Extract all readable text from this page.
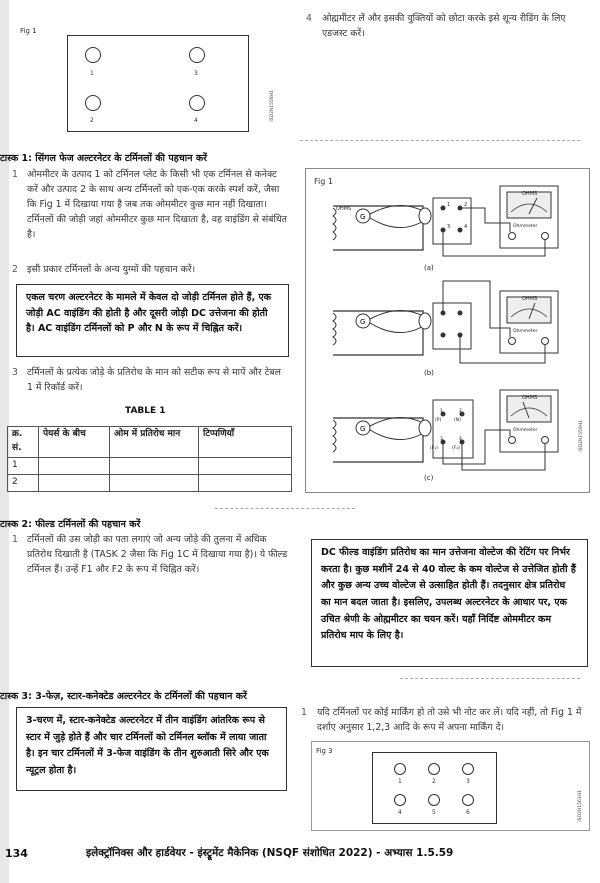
Fig 1
1	3
2	4	ISD2N1558H1
4 ओह्ममीटर लें और इसकी युक्तियों को छोटा करके इसे शून्य रीडिंग के लिए एडजस्ट करें।
टास्क 1: सिंगल फेज अल्टरनेटर के टर्मिनलों की पहचान करें
1 ओममीटर के उत्पाद 1 को टर्मिनल प्लेट के किसी भी एक टर्मिनल से कनेक्ट करें और उत्पाद 2 के साथ अन्य टर्मिनलों को एक-एक करके स्पर्श करें, जैसा कि Fig 1 में दिखाया गया है जब तक ओममीटर कुछ मान नहीं दिखाता। टर्मिनलों की जोड़ी जहां ओममीटर कुछ मान दिखाता है, वह वाइंडिंग से संबंधित है।
2 इसी प्रकार टर्मिनलों के अन्य युग्मों की पहचान करें।
एकल चरण अल्टरनेटर के मामले में केवल दो जोड़ी टर्मिनल होते हैं, एक जोड़ी AC वाइंडिंग की होती है और दूसरी जोड़ी DC उत्तेजना की होती है। AC वाइंडिंग टर्मिनलों को P और N के रूप में चिह्नित करें।
3 टर्मिनलों के प्रत्येक जोड़े के प्रतिरोध के मान को सटीक रूप से मापें और टेबल 1 में रिकॉर्ड करें।
TABLE 1
क्र. सं.	पेयर्स के बीच	ओम में प्रतिरोध मान	टिप्पणियाँ
1			
2			
Fig 1
G
G
G
OHMS
OHMS
Ohmmeter
OHMS
Ohmmeter
OHMS
Ohmmeter
1	2
3	4
1	2
3	4
(P)	(N)
(F₁)	(F₂)
(a)
(b)
(c)
ISD2N1559H1
टास्क 2: फील्ड टर्मिनलों की पहचान करें
1 टर्मिनलों की उस जोड़ी का पता लगाएं जो अन्य जोड़े की तुलना में अधिक प्रतिरोध दिखाती है (TASK 2 जैसा कि Fig 1C में दिखाया गया है)। ये फील्ड टर्मिनल हैं। उन्हें F1 और F2 के रूप में चिह्नित करें।
DC फील्ड वाइंडिंग प्रतिरोध का मान उत्तेजना वोल्टेज की रेटिंग पर निर्भर करता है। कुछ मशीनें 24 से 40 वोल्ट के कम वोल्टेज से उत्तेजित होती हैं और कुछ अन्य उच्च वोल्टेज से उत्साहित होती हैं। तदनुसार क्षेत्र प्रतिरोध का मान बदल जाता है। इसलिए, उपलब्ध अल्टरनेटर के आधार पर, एक उचित श्रेणी के ओह्ममीटर का चयन करें। यहाँ निर्दिष्ट ओममीटर कम प्रतिरोध माप के लिए है।
टास्क 3: 3-फेज़, स्टार-कनेक्टेड अल्टरनेटर के टर्मिनलों की पहचान करें
3-चरण में, स्टार-कनेक्टेड अल्टरनेटर में तीन वाइंडिंग आंतरिक रूप से स्टार में जुड़े होते हैं और चार टर्मिनलों को टर्मिनल ब्लॉक में लाया जाता है। इन चार टर्मिनलों में 3-फेज वाइंडिंग के तीन शुरुआती सिरे और एक न्यूट्रल होता है।
1 यदि टर्मिनलों पर कोई मार्किंग हो तो उसे भी नोट कर लें। यदि नहीं, तो Fig 1 में दर्शाए अनुसार 1,2,3 आदि के रूप में अपना मार्किंग दें।
Fig 3
1	2	3
4	5	6	ISD2N1561H1
134	इलेक्ट्रॉनिक्स और हार्डवेयर - इंस्ट्रूमेंट मैकेनिक (NSQF संशोधित 2022) - अभ्यास 1.5.59
